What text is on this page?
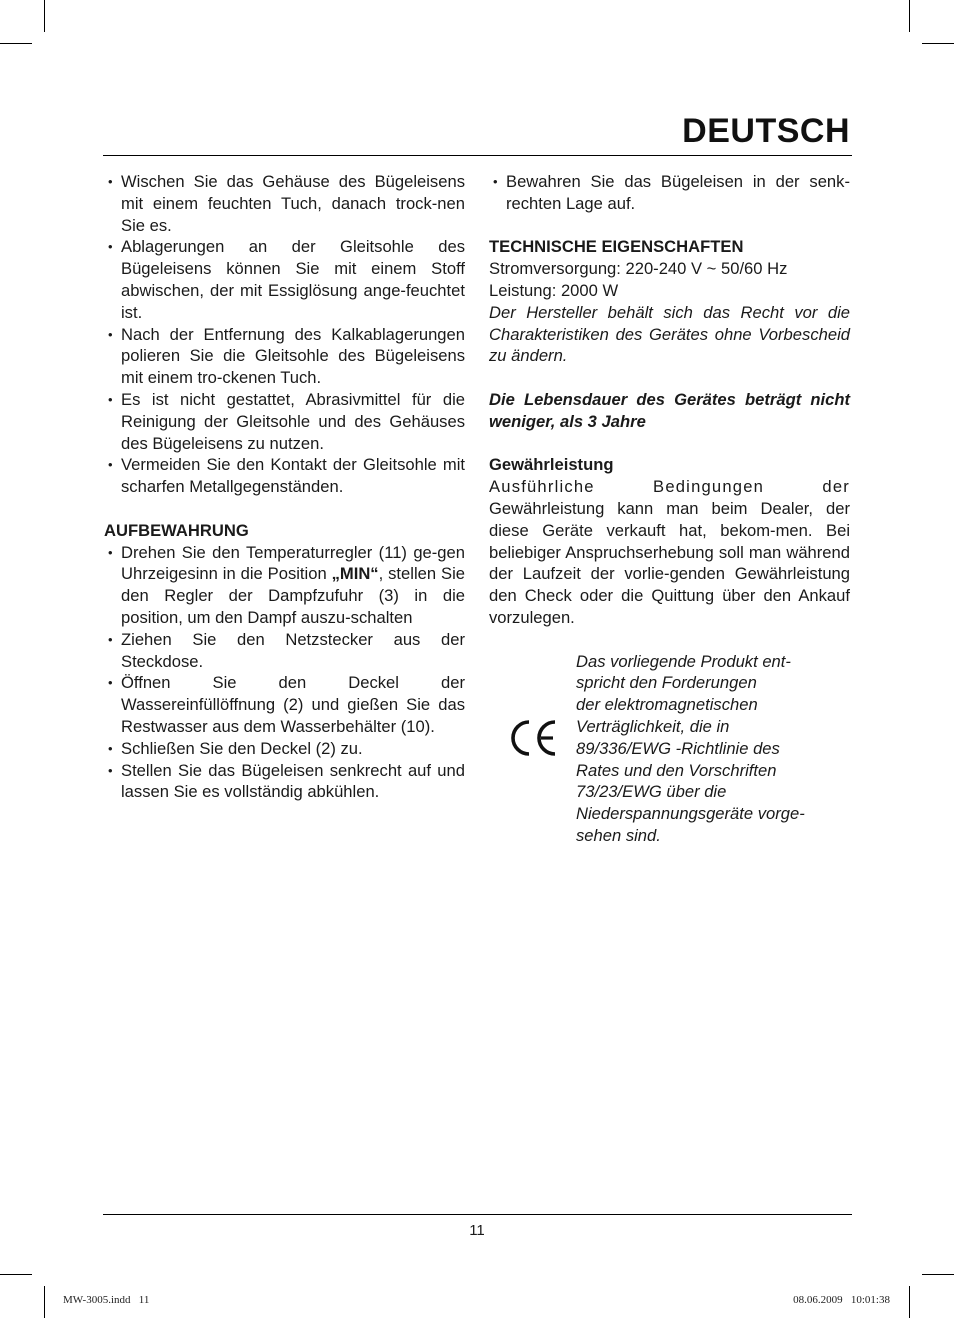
DEUTSCH
• Wischen Sie das Gehäuse des Bügeleisens mit einem feuchten Tuch, danach trock-nen Sie es.
• Ablagerungen an der Gleitsohle des Bügeleisens können Sie mit einem Stoff abwischen, der mit Essiglösung ange-feuchtet ist.
• Nach der Entfernung des Kalkablagerungen polieren Sie die Gleitsohle des Bügeleisens mit einem tro-ckenen Tuch.
• Es ist nicht gestattet, Abrasivmittel für die Reinigung der Gleitsohle und des Gehäuses des Bügeleisens zu nutzen.
• Vermeiden Sie den Kontakt der Gleitsohle mit scharfen Metallgegenständen.

AUFBEWAHRUNG

• Drehen Sie den Temperaturregler (11) ge-gen Uhrzeigesinn in die Position „MIN“, stellen Sie den Regler der Dampfzufuhr (3) in die position, um den Dampf auszu-schalten
• Ziehen Sie den Netzstecker aus der Steckdose.
• Öffnen Sie den Deckel der Wassereinfüllöffnung (2) und gießen Sie das Restwasser aus dem Wasserbehälter (10).
• Schließen Sie den Deckel (2) zu.
• Stellen Sie das Bügeleisen senkrecht auf und lassen Sie es vollständig abkühlen.
• Bewahren Sie das Bügeleisen in der senk-rechten Lage auf.

TECHNISCHE EIGENSCHAFTEN

Stromversorgung: 220-240 V ~ 50/60 Hz

Leistung: 2000 W

Der Hersteller behält sich das Recht vor die Charakteristiken des Gerätes ohne Vorbescheid zu ändern.

Die Lebensdauer des Gerätes beträgt nicht weniger, als 3 Jahre

Gewährleistung

Ausführliche Bedingungen der

Gewährleistung kann man beim Dealer, der diese Geräte verkauft hat, bekom-men. Bei beliebiger Anspruchserhebung soll man während der Laufzeit der vorlie-genden Gewährleistung den Check oder die Quittung über den Ankauf vorzulegen.

Das vorliegende Produkt ent-
spricht den Forderungen
der elektromagnetischen
Verträglichkeit, die in
89/336/EWG -Richtlinie des
Rates und den Vorschriften
73/23/EWG über die
Niederspannungsgeräte vorge-
sehen sind.
11
MW-3005.indd   11	08.06.2009   10:01:38
